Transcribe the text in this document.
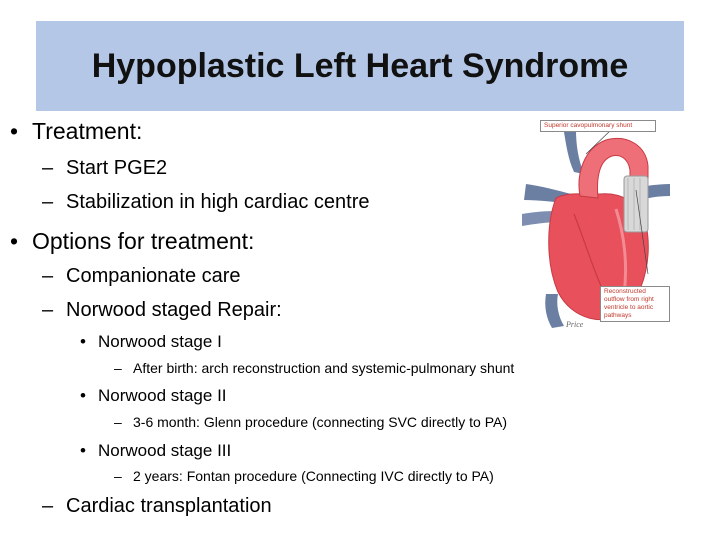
Hypoplastic Left Heart Syndrome
• Treatment:
– Start PGE2
– Stabilization in high cardiac centre
• Options for treatment:
– Companionate care
– Norwood staged Repair:
• Norwood stage I
– After birth: arch reconstruction and systemic-pulmonary shunt
• Norwood stage II
– 3-6 month: Glenn procedure (connecting SVC directly to PA)
• Norwood stage III
– 2 years: Fontan procedure (Connecting IVC directly to PA)
– Cardiac transplantation
Superior cavopulmonary shunt
Reconstructed outflow from right ventricle to aortic pathways
Price
